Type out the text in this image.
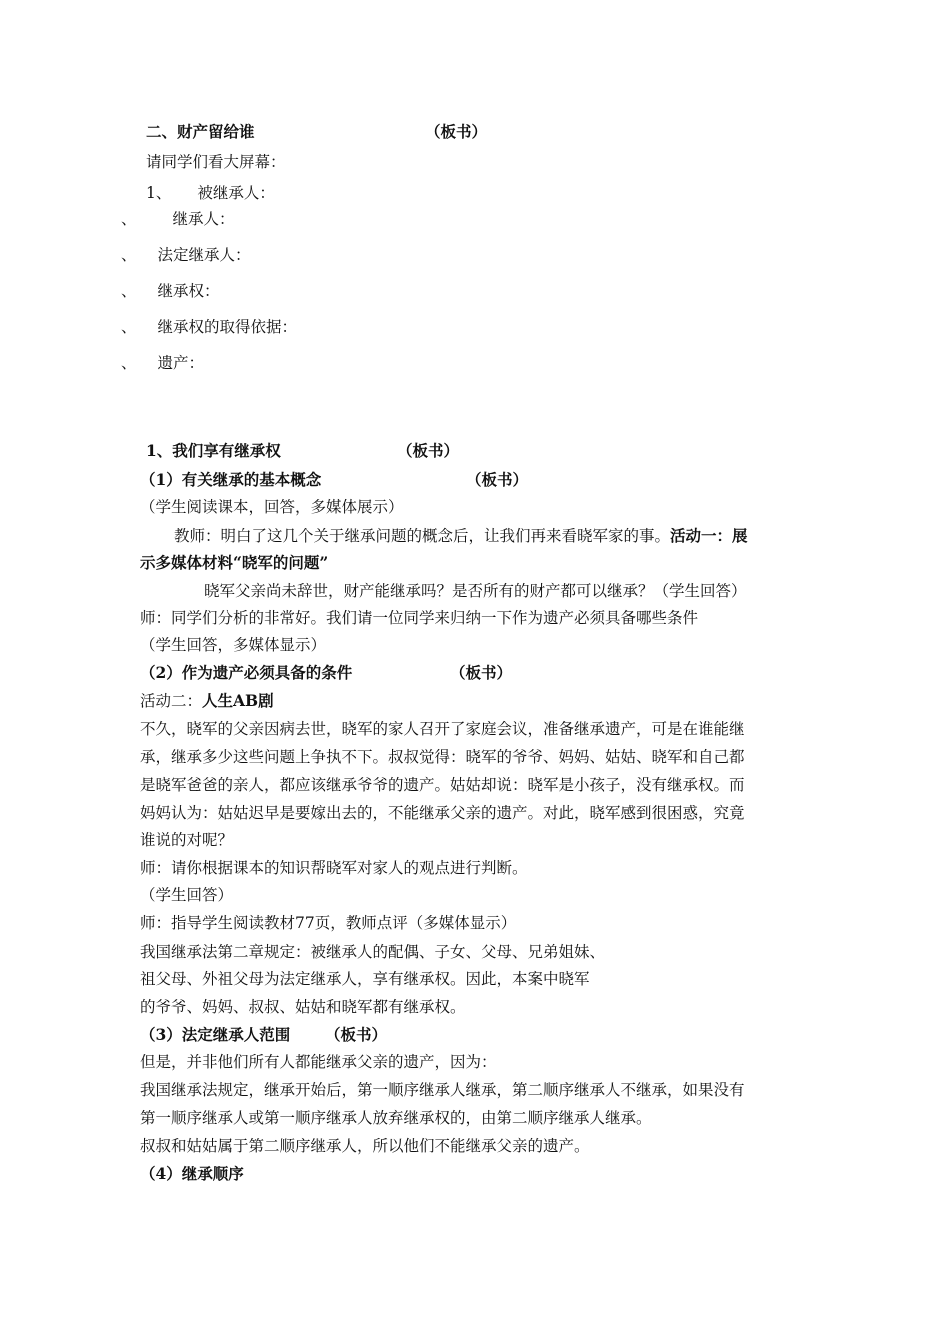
二、财产留给谁	（板书）
请同学们看大屏幕：
1、 被继承人：
、 继承人：
、 法定继承人：
、 继承权：
、 继承权的取得依据：
、 遗产：
1、我们享有继承权	（板书）
（1）有关继承的基本概念	（板书）
（学生阅读课本，回答，多媒体展示）
教师：明白了这几个关于继承问题的概念后，让我们再来看晓军家的事。活动一：展
示多媒体材料“晓军的问题”
晓军父亲尚未辞世，财产能继承吗？是否所有的财产都可以继承？（学生回答）
师：同学们分析的非常好。我们请一位同学来归纳一下作为遗产必须具备哪些条件
（学生回答，多媒体显示）
（2）作为遗产必须具备的条件	（板书）
活动二：人生AB剧
不久，晓军的父亲因病去世，晓军的家人召开了家庭会议，准备继承遗产，可是在谁能继
承，继承多少这些问题上争执不下。叔叔觉得：晓军的爷爷、妈妈、姑姑、晓军和自己都
是晓军爸爸的亲人，都应该继承爷爷的遗产。姑姑却说：晓军是小孩子，没有继承权。而
妈妈认为：姑姑迟早是要嫁出去的，不能继承父亲的遗产。对此，晓军感到很困惑，究竟
谁说的对呢？
师：请你根据课本的知识帮晓军对家人的观点进行判断。
（学生回答）
师：指导学生阅读教材77页，教师点评（多媒体显示）
我国继承法第二章规定：被继承人的配偶、子女、父母、兄弟姐妹、
祖父母、外祖父母为法定继承人，享有继承权。因此，本案中晓军
的爷爷、妈妈、叔叔、姑姑和晓军都有继承权。
（3）法定继承人范围 （板书）
但是，并非他们所有人都能继承父亲的遗产，因为：
我国继承法规定，继承开始后，第一顺序继承人继承，第二顺序继承人不继承，如果没有
第一顺序继承人或第一顺序继承人放弃继承权的，由第二顺序继承人继承。
叔叔和姑姑属于第二顺序继承人，所以他们不能继承父亲的遗产。
（4）继承顺序
